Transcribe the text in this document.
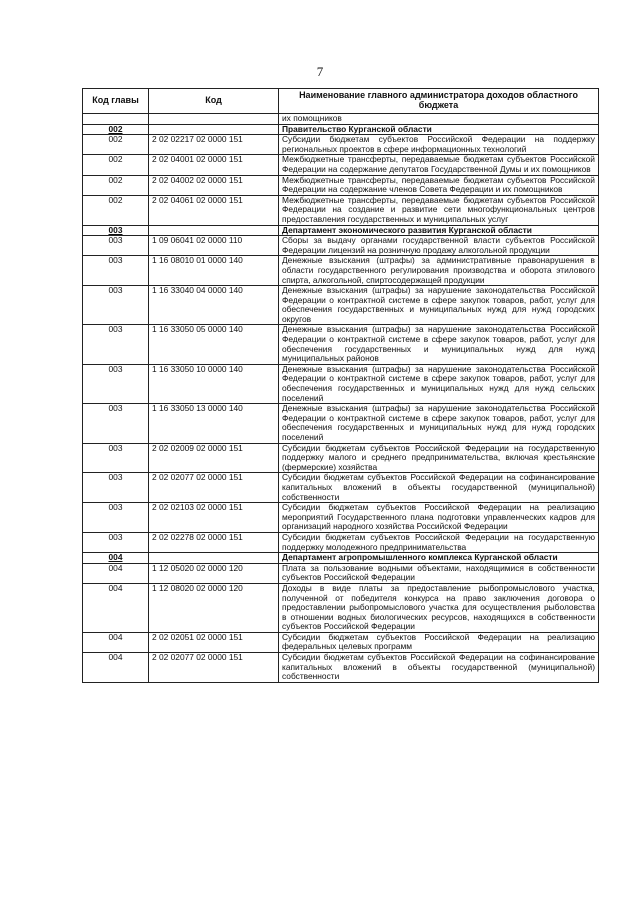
7
Код главы	Код	Наименование главного администратора доходов областного бюджета
		их помощников
002		Правительство Курганской области
002	2 02 02217 02 0000 151	Субсидии бюджетам субъектов Российской Федерации на поддержку региональных проектов в сфере информационных технологий
002	2 02 04001 02 0000 151	Межбюджетные трансферты, передаваемые бюджетам субъектов Российской Федерации на содержание депутатов Государственной Думы и их помощников
002	2 02 04002 02 0000 151	Межбюджетные трансферты, передаваемые бюджетам субъектов Российской Федерации на содержание членов Совета Федерации и их помощников
002	2 02 04061 02 0000 151	Межбюджетные трансферты, передаваемые бюджетам субъектов Российской Федерации на создание и развитие сети многофункциональных центров предоставления государственных и муниципальных услуг
003		Департамент экономического развития Курганской области
003	1 09 06041 02 0000 110	Сборы за выдачу органами государственной власти субъектов Российской Федерации лицензий на розничную продажу алкогольной продукции
003	1 16 08010 01 0000 140	Денежные взыскания (штрафы) за административные правонарушения в области государственного регулирования производства и оборота этилового спирта, алкогольной, спиртосодержащей продукции
003	1 16 33040 04 0000 140	Денежные взыскания (штрафы) за нарушение законодательства Российской Федерации о контрактной системе в сфере закупок товаров, работ, услуг для обеспечения государственных и муниципальных нужд для нужд городских округов
003	1 16 33050 05 0000 140	Денежные взыскания (штрафы) за нарушение законодательства Российской Федерации о контрактной системе в сфере закупок товаров, работ, услуг для обеспечения государственных и муниципальных нужд для нужд муниципальных районов
003	1 16 33050 10 0000 140	Денежные взыскания (штрафы) за нарушение законодательства Российской Федерации о контрактной системе в сфере закупок товаров, работ, услуг для обеспечения государственных и муниципальных нужд для нужд сельских поселений
003	1 16 33050 13 0000 140	Денежные взыскания (штрафы) за нарушение законодательства Российской Федерации о контрактной системе в сфере закупок товаров, работ, услуг для обеспечения государственных и муниципальных нужд для нужд городских поселений
003	2 02 02009 02 0000 151	Субсидии бюджетам субъектов Российской Федерации на государственную поддержку малого и среднего предпринимательства, включая крестьянские (фермерские) хозяйства
003	2 02 02077 02 0000 151	Субсидии бюджетам субъектов Российской Федерации на софинансирование капитальных вложений в объекты государственной (муниципальной) собственности
003	2 02 02103 02 0000 151	Субсидии бюджетам субъектов Российской Федерации на реализацию мероприятий Государственного плана подготовки управленческих кадров для организаций народного хозяйства Российской Федерации
003	2 02 02278 02 0000 151	Субсидии бюджетам субъектов Российской Федерации на государственную поддержку молодежного предпринимательства
004		Департамент агропромышленного комплекса Курганской области
004	1 12 05020 02 0000 120	Плата за пользование водными объектами, находящимися в собственности субъектов Российской Федерации
004	1 12 08020 02 0000 120	Доходы в виде платы за предоставление рыбопромыслового участка, полученной от победителя конкурса на право заключения договора о предоставлении рыбопромыслового участка для осуществления рыболовства в отношении водных биологических ресурсов, находящихся в собственности субъектов Российской Федерации
004	2 02 02051 02 0000 151	Субсидии бюджетам субъектов Российской Федерации на реализацию федеральных целевых программ
004	2 02 02077 02 0000 151	Субсидии бюджетам субъектов Российской Федерации на софинансирование капитальных вложений в объекты государственной (муниципальной) собственности
